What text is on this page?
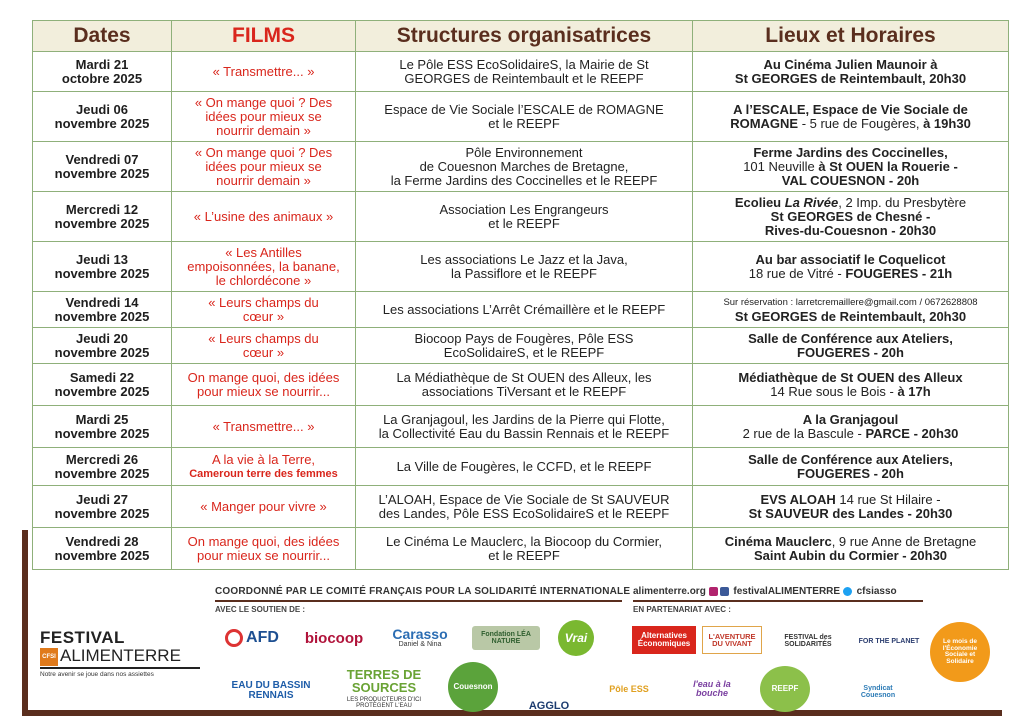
Dates	FILMS	Structures organisatrices	Lieux et Horaires
Mardi 21
octobre 2025	« Transmettre... »	Le Pôle ESS EcoSolidaireS, la Mairie de St
GEORGES de Reintembault et le REEPF	Au Cinéma Julien Maunoir à
St GEORGES de Reintembault, 20h30
Jeudi 06
novembre 2025	« On mange quoi ? Des
idées pour mieux se
nourrir demain »	Espace de Vie Sociale l’ESCALE de ROMAGNE
et le REEPF	A l’ESCALE, Espace de Vie Sociale de
ROMAGNE - 5 rue de Fougères, à 19h30
Vendredi 07
novembre 2025	« On mange quoi ? Des
idées pour mieux se
nourrir demain »	Pôle Environnement
de Couesnon Marches de Bretagne,
la Ferme Jardins des Coccinelles et le REEPF	Ferme Jardins des Coccinelles,
101 Neuville à St OUEN la Rouerie -
VAL COUESNON - 20h
Mercredi 12
novembre 2025	« L’usine des animaux »	Association Les Engrangeurs
et le REEPF	Ecolieu La Rivée, 2 Imp. du Presbytère
St GEORGES de Chesné -
Rives-du-Couesnon - 20h30
Jeudi 13
novembre 2025	« Les Antilles
empoisonnées, la banane,
le chlordécone »	Les associations Le Jazz et la Java,
la Passiflore et le REEPF	Au bar associatif le Coquelicot
18 rue de Vitré - FOUGERES - 21h
Vendredi 14
novembre 2025	« Leurs champs du
cœur »	Les associations L’Arrêt Crémaillère et le REEPF	Sur réservation : larretcremaillere@gmail.com / 0672628808
St GEORGES de Reintembault, 20h30
Jeudi 20
novembre 2025	« Leurs champs du
cœur »	Biocoop Pays de Fougères, Pôle ESS
EcoSolidaireS, et le REEPF	Salle de Conférence aux Ateliers,
FOUGERES - 20h
Samedi 22
novembre 2025	On mange quoi, des idées
pour mieux se nourrir...	La Médiathèque de St OUEN des Alleux, les
associations TiVersant et le REEPF	Médiathèque de St OUEN des Alleux
14 Rue sous le Bois - à 17h
Mardi 25
novembre 2025	« Transmettre... »	La Granjagoul, les Jardins de la Pierre qui Flotte,
la Collectivité Eau du Bassin Rennais et le REEPF	A la Granjagoul
2 rue de la Bascule - PARCE - 20h30
Mercredi 26
novembre 2025	A la vie à la Terre,
Cameroun terre des femmes	La Ville de Fougères, le CCFD, et le REEPF	Salle de Conférence aux Ateliers,
FOUGERES - 20h
Jeudi 27
novembre 2025	« Manger pour vivre »	L’ALOAH, Espace de Vie Sociale de St SAUVEUR
des Landes, Pôle ESS EcoSolidaireS et le REEPF	EVS ALOAH 14 rue St Hilaire -
St SAUVEUR des Landes - 20h30
Vendredi 28
novembre 2025	On mange quoi, des idées
pour mieux se nourrir...	Le Cinéma Le Mauclerc, la Biocoop du Cormier,
et le REEPF	Cinéma Mauclerc, 9 rue Anne de Bretagne
Saint Aubin du Cormier - 20h30
COORDONNÉ PAR LE COMITÉ FRANÇAIS POUR LA SOLIDARITÉ INTERNATIONALE alimenterre.org	festivalALIMENTERRE cfsiasso
AVEC LE SOUTIEN DE :	EN PARTENARIAT AVEC :
FESTIVAL
CFSI ALIMENTERRE
Notre avenir se joue dans nos assiettes
AFD	biocoop	Carasso
Daniel & Nina
Fondation LÉA NATURE	Vrai	Alternatives Économiques
L'AVENTURE DU VIVANT
FESTIVAL des SOLIDARITÉS	FOR THE PLANET	Le mois de l'Économie Sociale et Solidaire
EAU DU BASSIN RENNAIS
TERRES DE SOURCES
LES PRODUCTEURS D'ICI PROTÈGENT L'EAU
Couesnon
AGGLO
Pôle ESS	l'eau à la bouche	REEPF	Syndicat Couesnon
